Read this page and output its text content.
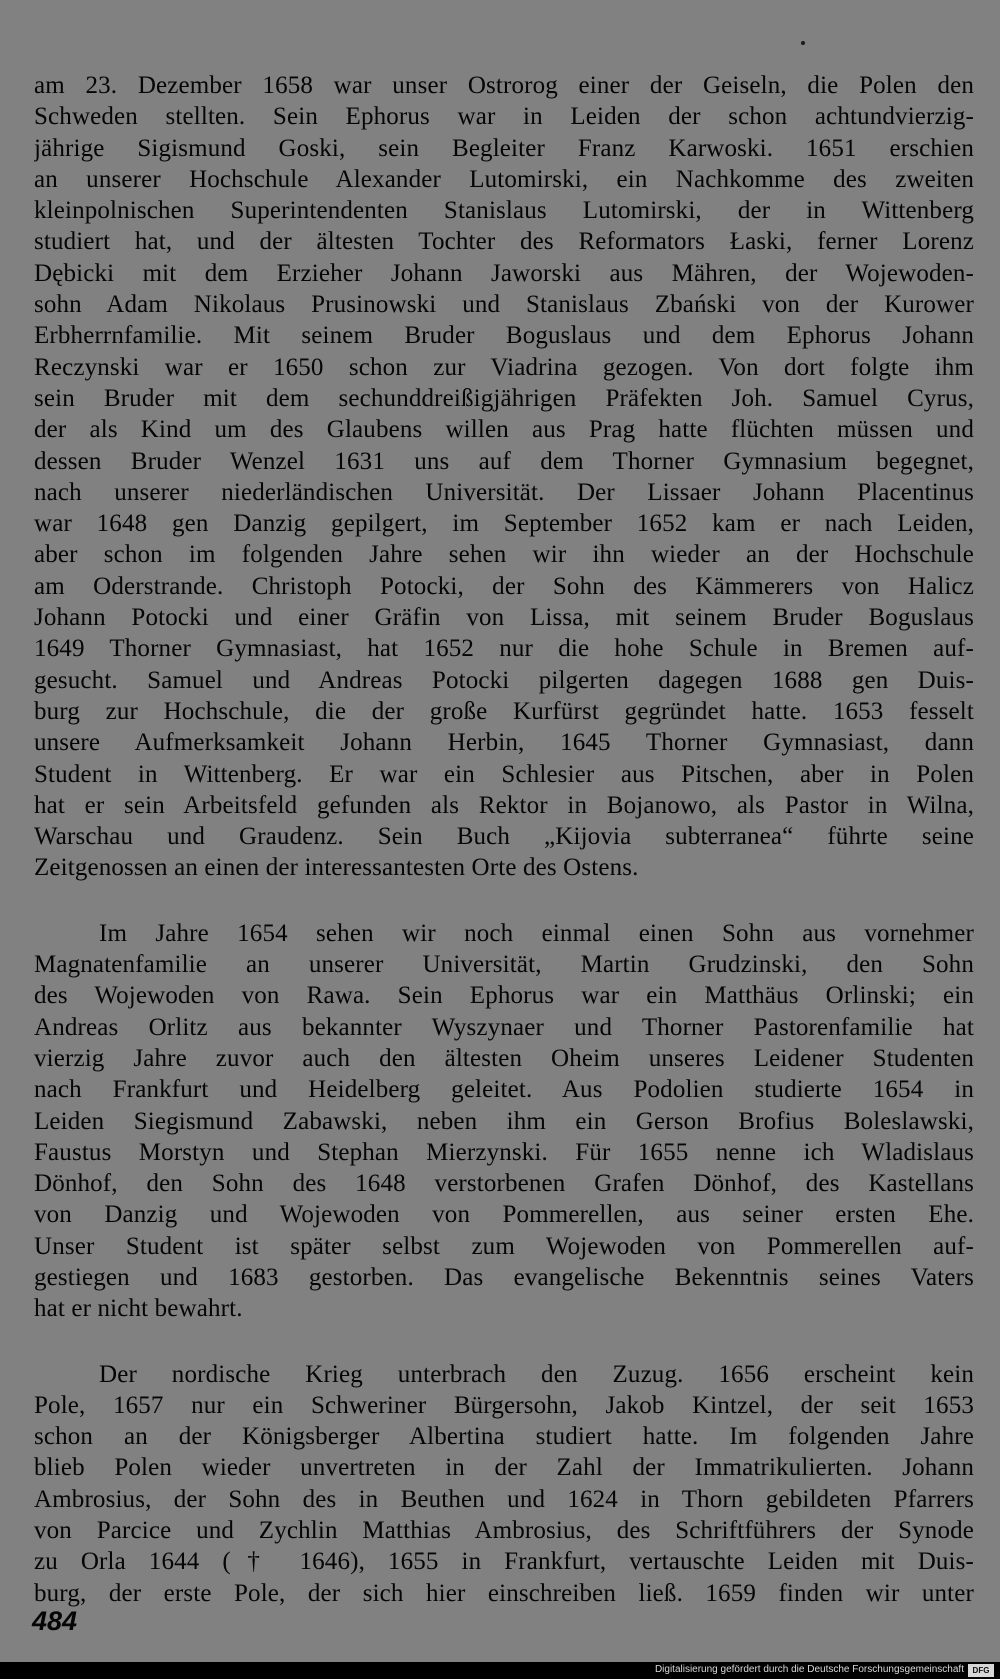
am 23. Dezember 1658 war unser Ostrorog einer der Geiseln, die Polen den
Schweden stellten. Sein Ephorus war in Leiden der schon achtundvierzig-
jährige Sigismund Goski, sein Begleiter Franz Karwoski. 1651 erschien
an unserer Hochschule Alexander Lutomirski, ein Nachkomme des zweiten
kleinpolnischen Superintendenten Stanislaus Lutomirski, der in Wittenberg
studiert hat, und der ältesten Tochter des Reformators Łaski, ferner Lorenz
Dębicki mit dem Erzieher Johann Jaworski aus Mähren, der Wojewoden-
sohn Adam Nikolaus Prusinowski und Stanislaus Zbański von der Kurower
Erbherrnfamilie. Mit seinem Bruder Boguslaus und dem Ephorus Johann
Reczynski war er 1650 schon zur Viadrina gezogen. Von dort folgte ihm
sein Bruder mit dem sechunddreißigjährigen Präfekten Joh. Samuel Cyrus,
der als Kind um des Glaubens willen aus Prag hatte flüchten müssen und
dessen Bruder Wenzel 1631 uns auf dem Thorner Gymnasium begegnet,
nach unserer niederländischen Universität. Der Lissaer Johann Placentinus
war 1648 gen Danzig gepilgert, im September 1652 kam er nach Leiden,
aber schon im folgenden Jahre sehen wir ihn wieder an der Hochschule
am Oderstrande. Christoph Potocki, der Sohn des Kämmerers von Halicz
Johann Potocki und einer Gräfin von Lissa, mit seinem Bruder Boguslaus
1649 Thorner Gymnasiast, hat 1652 nur die hohe Schule in Bremen auf-
gesucht. Samuel und Andreas Potocki pilgerten dagegen 1688 gen Duis-
burg zur Hochschule, die der große Kurfürst gegründet hatte. 1653 fesselt
unsere Aufmerksamkeit Johann Herbin, 1645 Thorner Gymnasiast, dann
Student in Wittenberg. Er war ein Schlesier aus Pitschen, aber in Polen
hat er sein Arbeitsfeld gefunden als Rektor in Bojanowo, als Pastor in Wilna,
Warschau und Graudenz. Sein Buch „Kijovia subterranea“ führte seine
Zeitgenossen an einen der interessantesten Orte des Ostens.

Im Jahre 1654 sehen wir noch einmal einen Sohn aus vornehmer
Magnatenfamilie an unserer Universität, Martin Grudzinski, den Sohn
des Wojewoden von Rawa. Sein Ephorus war ein Matthäus Orlinski; ein
Andreas Orlitz aus bekannter Wyszynaer und Thorner Pastorenfamilie hat
vierzig Jahre zuvor auch den ältesten Oheim unseres Leidener Studenten
nach Frankfurt und Heidelberg geleitet. Aus Podolien studierte 1654 in
Leiden Siegismund Zabawski, neben ihm ein Gerson Brofius Boleslawski,
Faustus Morstyn und Stephan Mierzynski. Für 1655 nenne ich Wladislaus
Dönhof, den Sohn des 1648 verstorbenen Grafen Dönhof, des Kastellans
von Danzig und Wojewoden von Pommerellen, aus seiner ersten Ehe.
Unser Student ist später selbst zum Wojewoden von Pommerellen auf-
gestiegen und 1683 gestorben. Das evangelische Bekenntnis seines Vaters
hat er nicht bewahrt.

Der nordische Krieg unterbrach den Zuzug. 1656 erscheint kein
Pole, 1657 nur ein Schweriner Bürgersohn, Jakob Kintzel, der seit 1653
schon an der Königsberger Albertina studiert hatte. Im folgenden Jahre
blieb Polen wieder unvertreten in der Zahl der Immatrikulierten. Johann
Ambrosius, der Sohn des in Beuthen und 1624 in Thorn gebildeten Pfarrers
von Parcice und Zychlin Matthias Ambrosius, des Schriftführers der Synode
zu Orla 1644 († 1646), 1655 in Frankfurt, vertauschte Leiden mit Duis-
burg, der erste Pole, der sich hier einschreiben ließ. 1659 finden wir unter

484
Digitalisierung gefördert durch die Deutsche Forschungsgemeinschaft	DFG
